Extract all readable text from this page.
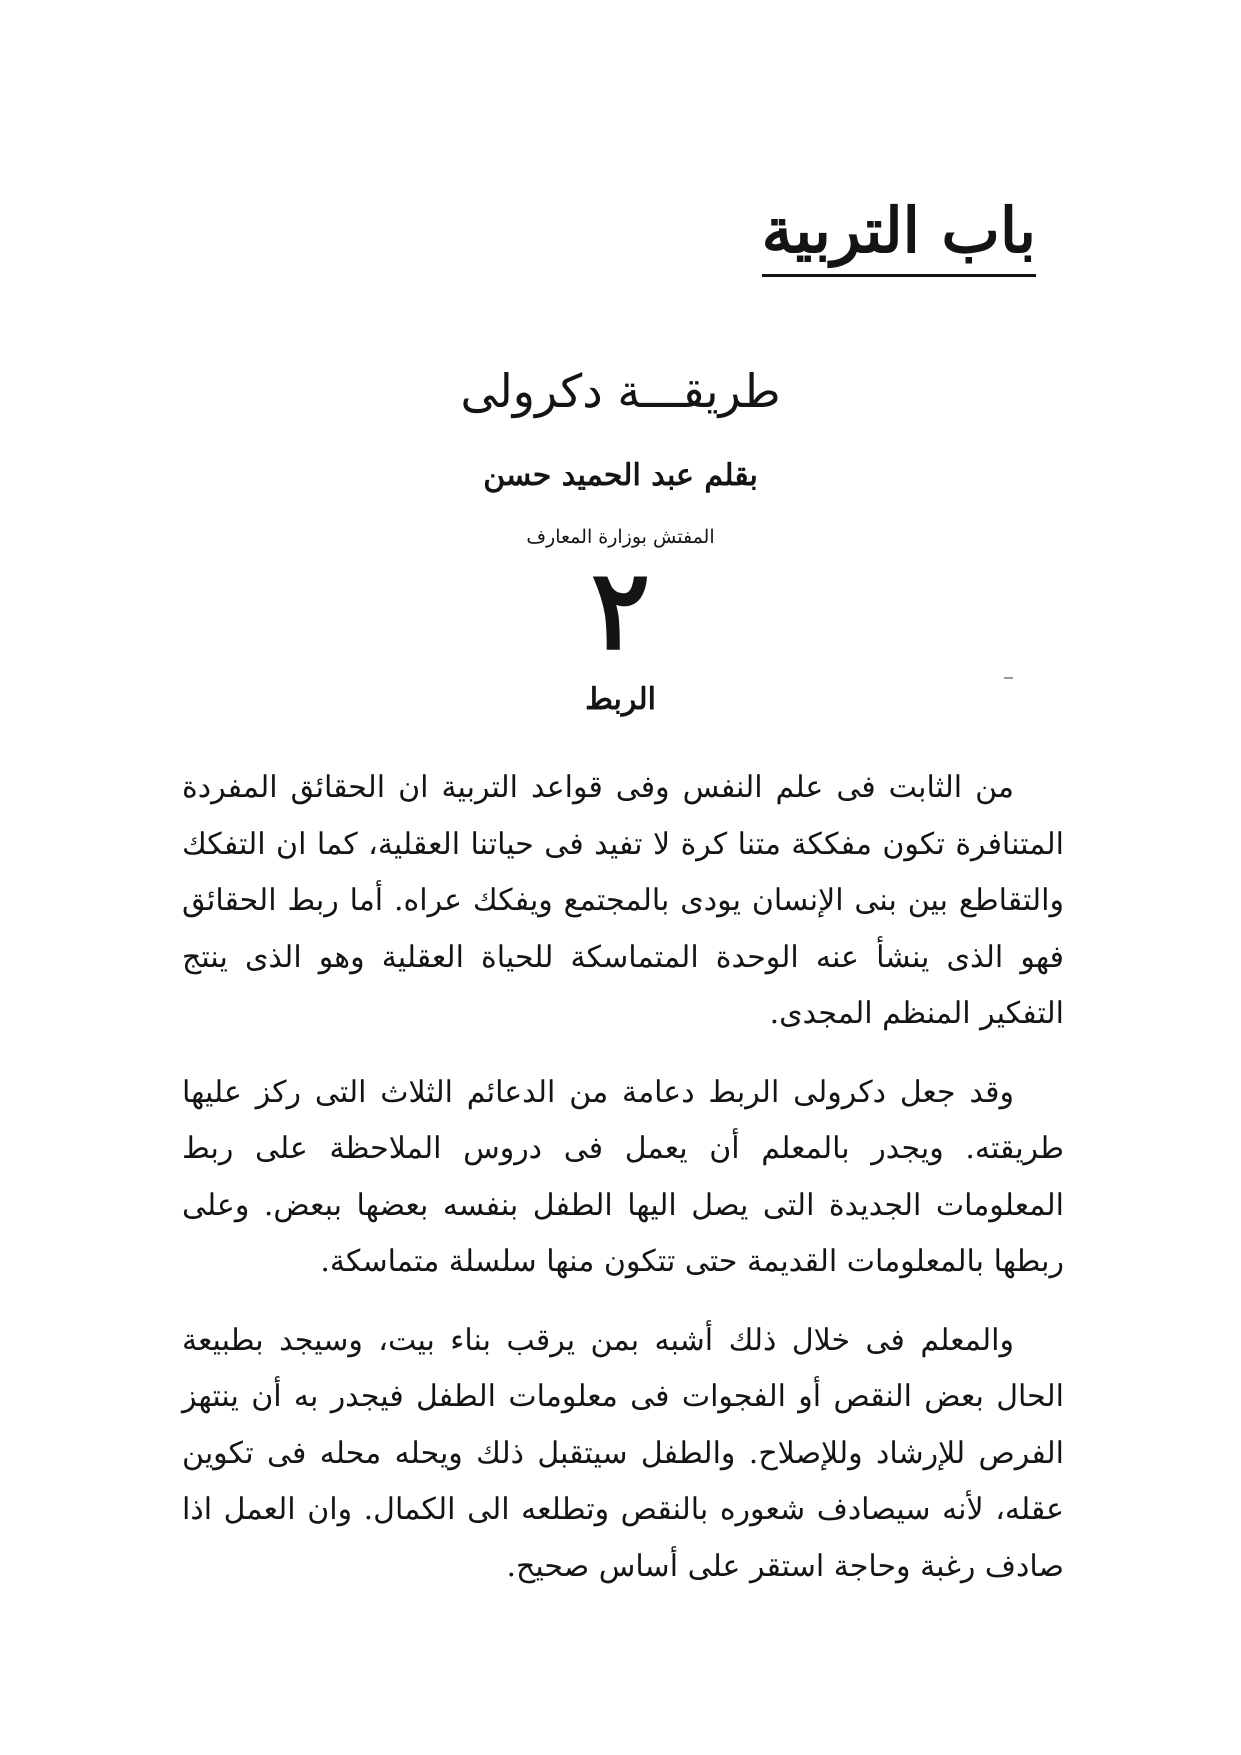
باب التربية
طريقـــة دكرولى
بقلم عبد الحميد حسن
المفتش بوزارة المعارف
٢
الربط

من الثابت فى علم النفس وفى قواعد التربية ان الحقائق المفردة المتنافرة تكون مفككة متنا كرة لا تفيد فى حياتنا العقلية، كما ان التفكك والتقاطع بين بنى الإنسان يودى بالمجتمع ويفكك عراه. أما ربط الحقائق فهو الذى ينشأ عنه الوحدة المتماسكة للحياة العقلية وهو الذى ينتج التفكير المنظم المجدى.

وقد جعل دكرولى الربط دعامة من الدعائم الثلاث التى ركز عليها طريقته. ويجدر بالمعلم أن يعمل فى دروس الملاحظة على ربط المعلومات الجديدة التى يصل اليها الطفل بنفسه بعضها ببعض. وعلى ربطها بالمعلومات القديمة حتى تتكون منها سلسلة متماسكة.

والمعلم فى خلال ذلك أشبه بمن يرقب بناء بيت، وسيجد بطبيعة الحال بعض النقص أو الفجوات فى معلومات الطفل فيجدر به أن ينتهز الفرص للإرشاد وللإصلاح. والطفل سيتقبل ذلك ويحله محله فى تكوين عقله، لأنه سيصادف شعوره بالنقص وتطلعه الى الكمال. وان العمل اذا صادف رغبة وحاجة استقر على أساس صحيح.
